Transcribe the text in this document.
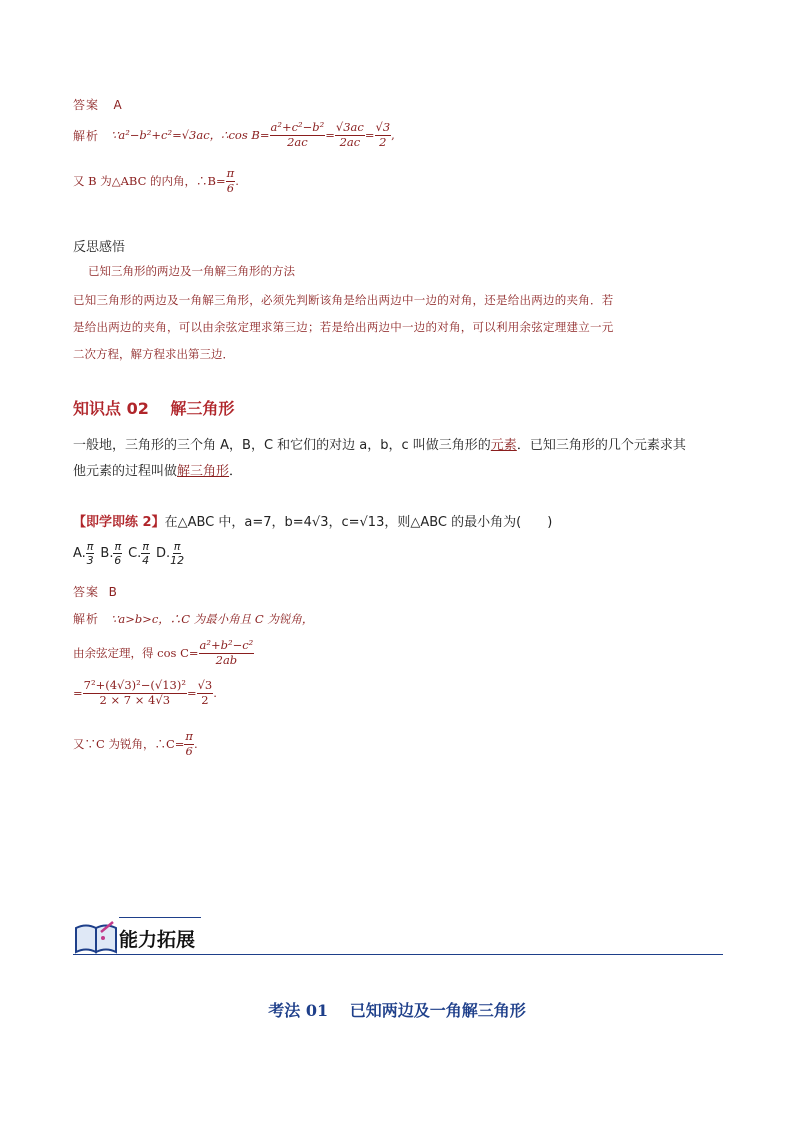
答案 A
解析 ∵a²−b²+c²=√3ac，∴cos $B= \frac{\text{a²+c²−b²}}{2ac} = \frac{√3ac}{2ac} = \frac{√3}{2}$ ,
又 B 为△ABC 的内角，∴B= $\frac{\pi}{6}$ .
反思感悟
已知三角形的两边及一角解三角形的方法
已知三角形的两边及一角解三角形，必须先判断该角是给出两边中一边的对角，还是给出两边的夹角．若
是给出两边的夹角，可以由余弦定理求第三边；若是给出两边中一边的对角，可以利用余弦定理建立一元
二次方程，解方程求出第三边．
知识点 02　 解三角形
一般地，三角形的三个角 A，B，C 和它们的对边 a，b，c 叫做三角形的元素．已知三角形的几个元素求其
他元素的过程叫做解三角形．
【即学即练 2】在△ABC 中，a=7，b=4√3，c=√13，则△ABC 的最小角为(　　)
A. $\frac{\pi}{3} B$. $\frac{\pi}{6} C$. $\frac{\pi}{4} D$. $\frac{\pi}{12}$
答案 B
解析 ∵a>b>c，∴C 为最小角且 C 为锐角，
由余弦定理，得 $\cos C= \frac{\text{a²+b²−c²}}{2ab}$
= $\frac{\text{7²+(4√3)²−(√13)²}}{2 \times 7 \times 4√3} = \frac{√3}{2}$ .
又∵C 为锐角，∴C= $\frac{\pi}{6}$ .
能力拓展
考法 01　 已知两边及一角解三角形
